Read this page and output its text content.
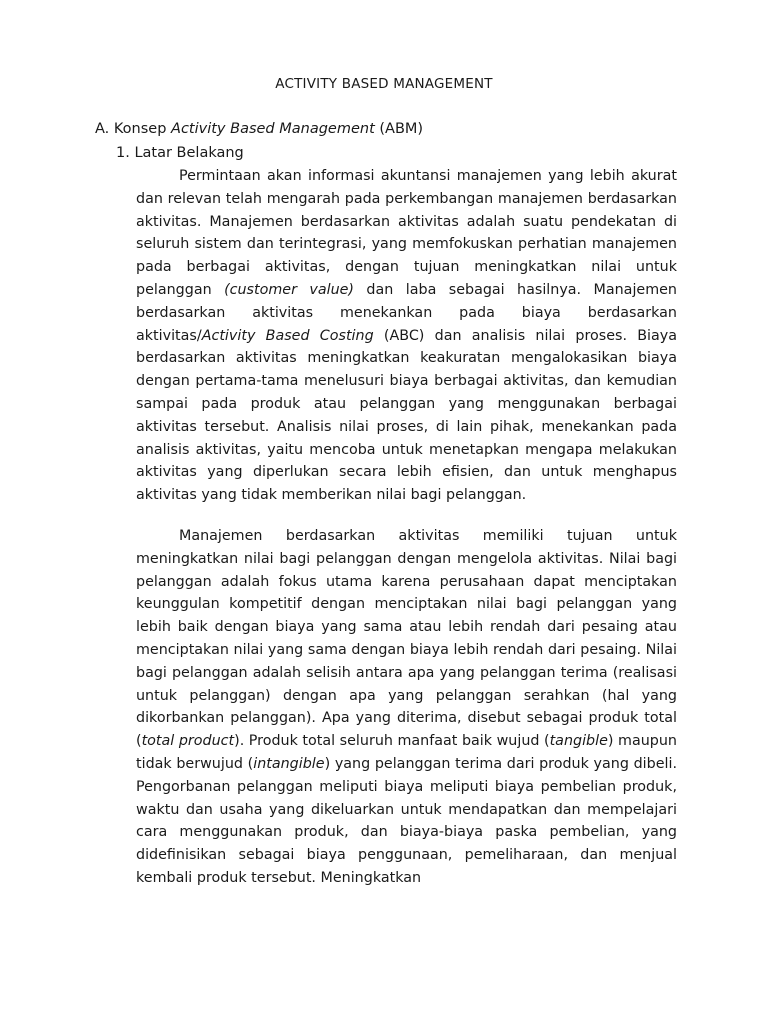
ACTIVITY BASED MANAGEMENT
A. Konsep Activity Based Management (ABM)
1. Latar Belakang

Permintaan akan informasi akuntansi manajemen yang lebih akurat dan relevan telah mengarah pada perkembangan manajemen berdasarkan aktivitas. Manajemen berdasarkan aktivitas adalah suatu pendekatan di seluruh sistem dan terintegrasi, yang memfokuskan perhatian manajemen pada berbagai aktivitas, dengan tujuan meningkatkan nilai untuk pelanggan (customer value) dan laba sebagai hasilnya. Manajemen berdasarkan aktivitas menekankan pada biaya berdasarkan aktivitas/Activity Based Costing (ABC) dan analisis nilai proses. Biaya berdasarkan aktivitas meningkatkan keakuratan mengalokasikan biaya dengan pertama-tama menelusuri biaya berbagai aktivitas, dan kemudian sampai pada produk atau pelanggan yang menggunakan berbagai aktivitas tersebut. Analisis nilai proses, di lain pihak, menekankan pada analisis aktivitas, yaitu mencoba untuk menetapkan mengapa melakukan aktivitas yang diperlukan secara lebih efisien, dan untuk menghapus aktivitas yang tidak memberikan nilai bagi pelanggan.

Manajemen berdasarkan aktivitas memiliki tujuan untuk meningkatkan nilai bagi pelanggan dengan mengelola aktivitas. Nilai bagi pelanggan adalah fokus utama karena perusahaan dapat menciptakan keunggulan kompetitif dengan menciptakan nilai bagi pelanggan yang lebih baik dengan biaya yang sama atau lebih rendah dari pesaing atau menciptakan nilai yang sama dengan biaya lebih rendah dari pesaing. Nilai bagi pelanggan adalah selisih antara apa yang pelanggan terima (realisasi untuk pelanggan) dengan apa yang pelanggan serahkan (hal yang dikorbankan pelanggan). Apa yang diterima, disebut sebagai produk total (total product). Produk total seluruh manfaat baik wujud (tangible) maupun tidak berwujud (intangible) yang pelanggan terima dari produk yang dibeli. Pengorbanan pelanggan meliputi biaya meliputi biaya pembelian produk, waktu dan usaha yang dikeluarkan untuk mendapatkan dan mempelajari cara menggunakan produk, dan biaya-biaya paska pembelian, yang didefinisikan sebagai biaya penggunaan, pemeliharaan, dan menjual kembali produk tersebut. Meningkatkan
